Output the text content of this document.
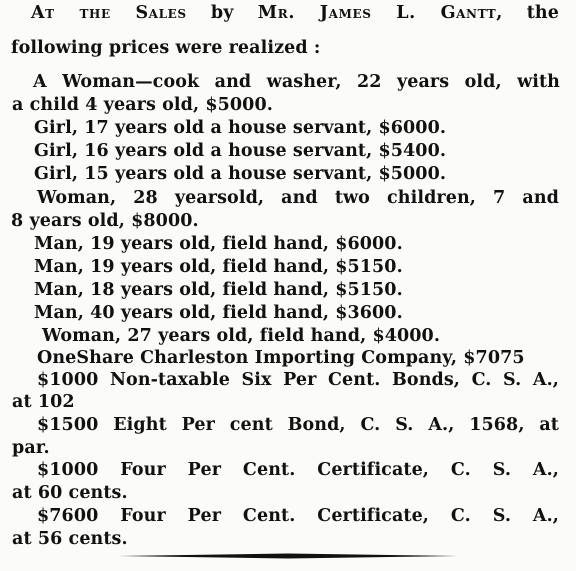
At the Sales by Mr. James L. Gantt, the
following prices were realized :
A Woman—cook and washer, 22 years old, with
a child 4 years old, $5000.
Girl, 17 years old a house servant, $6000.
Girl, 16 years old a house servant, $5400.
Girl, 15 years old a house servant, $5000.
Woman, 28 yearsold, and two children, 7 and
8 years old, $8000.
Man, 19 years old, field hand, $6000.
Man, 19 years old, field hand, $5150.
Man, 18 years old, field hand, $5150.
Man, 40 years old, field hand, $3600.
Woman, 27 years old, field hand, $4000.
OneShare Charleston Importing Company, $7075
$1000 Non-taxable Six Per Cent. Bonds, C. S. A.,
at 102
$1500 Eight Per cent Bond, C. S. A., 1568, at
par.
$1000 Four Per Cent. Certificate, C. S. A.,
at 60 cents.
$7600 Four Per Cent. Certificate, C. S. A.,
at 56 cents.
